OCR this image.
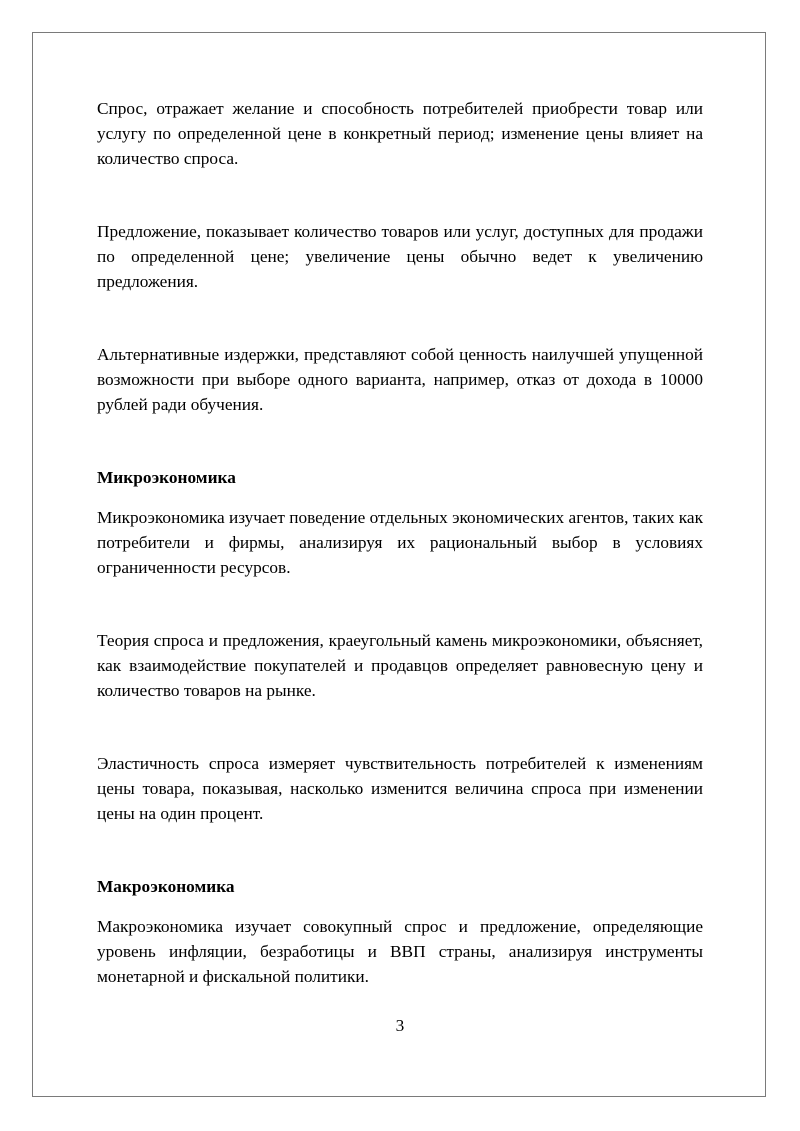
Спрос, отражает желание и способность потребителей приобрести товар или услугу по определенной цене в конкретный период; изменение цены влияет на количество спроса.

Предложение, показывает количество товаров или услуг, доступных для продажи по определенной цене; увеличение цены обычно ведет к увеличению предложения.

Альтернативные издержки, представляют собой ценность наилучшей упущенной возможности при выборе одного варианта, например, отказ от дохода в 10000 рублей ради обучения.

Микроэкономика

Микроэкономика изучает поведение отдельных экономических агентов, таких как потребители и фирмы, анализируя их рациональный выбор в условиях ограниченности ресурсов.

Теория спроса и предложения, краеугольный камень микроэкономики, объясняет, как взаимодействие покупателей и продавцов определяет равновесную цену и количество товаров на рынке.

Эластичность спроса измеряет чувствительность потребителей к изменениям цены товара, показывая, насколько изменится величина спроса при изменении цены на один процент.

Макроэкономика

Макроэкономика изучает совокупный спрос и предложение, определяющие уровень инфляции, безработицы и ВВП страны, анализируя инструменты монетарной и фискальной политики.

3
